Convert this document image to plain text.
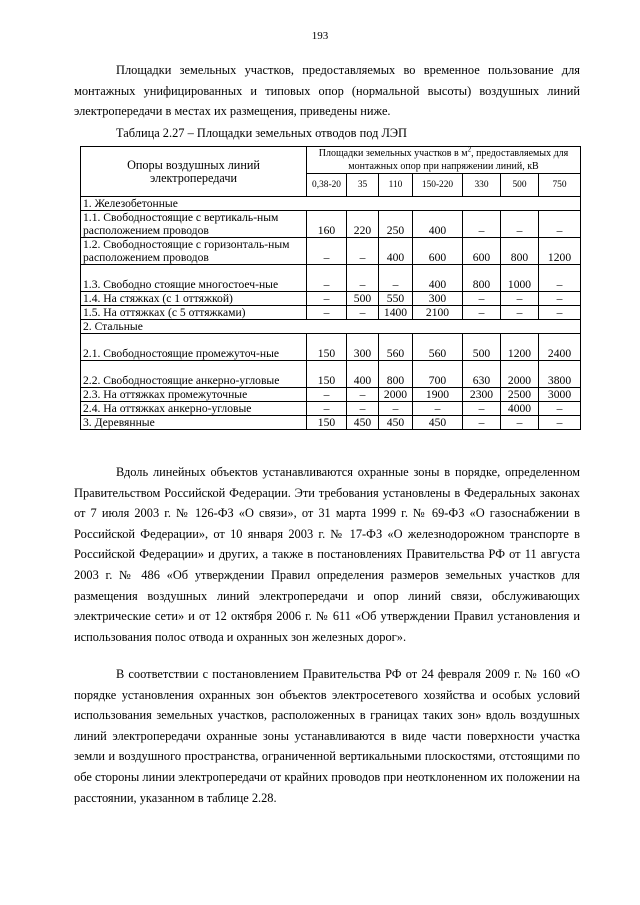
193

Площадки земельных участков, предоставляемых во временное пользование для монтажных унифицированных и типовых опор (нормальной высоты) воздушных линий электропередачи в местах их размещения, приведены ниже.

Таблица 2.27 – Площадки земельных отводов под ЛЭП
Опоры воздушных линий электропередачи	Площадки земельных участков в $м^2$, предоставляемых для монтажных опор при напряжении линий, кВ						
	0,38-20	35	110	150-220	330	500	750
1. Железобетонные							
1.1. Свободностоящие с вертикаль-ным расположением проводов	160	220	250	400	–	–	–
1.2. Свободностоящие с горизонталь-ным расположением проводов	–	–	400	600	600	800	1200
1.3. Свободно стоящие многостоеч-ные	–	–	–	400	800	1000	–
1.4. На стяжках (с 1 оттяжкой)	–	500	550	300	–	–	–
1.5. На оттяжках (с 5 оттяжками)	–	–	1400	2100	–	–	–
2. Стальные							
2.1. Свободностоящие промежуточ-ные	150	300	560	560	500	1200	2400
2.2. Свободностоящие анкерно-угловые	150	400	800	700	630	2000	3800
2.3. На оттяжках промежуточные	–	–	2000	1900	2300	2500	3000
2.4. На оттяжках анкерно-угловые	–	–	–	–	–	4000	–
3. Деревянные	150	450	450	450	–	–	–

Вдоль линейных объектов устанавливаются охранные зоны в порядке, определенном Правительством Российской Федерации. Эти требования установлены в Федеральных законах от 7 июля 2003 г. № 126-ФЗ «О связи», от 31 марта 1999 г. № 69-ФЗ «О газоснабжении в Российской Федерации», от 10 января 2003 г. № 17-ФЗ «О железнодорожном транспорте в Российской Федерации» и других, а также в постановлениях Правительства РФ от 11 августа 2003 г. № 486 «Об утверждении Правил определения размеров земельных участков для размещения воздушных линий электропередачи и опор линий связи, обслуживающих электрические сети» и от 12 октября 2006 г. № 611 «Об утверждении Правил установления и использования полос отвода и охранных зон железных дорог».

В соответствии с постановлением Правительства РФ от 24 февраля 2009 г. № 160 «О порядке установления охранных зон объектов электросетевого хозяйства и особых условий использования земельных участков, расположенных в границах таких зон» вдоль воздушных линий электропередачи охранные зоны устанавливаются в виде части поверхности участка земли и воздушного пространства, ограниченной вертикальными плоскостями, отстоящими по обе стороны линии электропередачи от крайних проводов при неотклоненном их положении на расстоянии, указанном в таблице 2.28.
